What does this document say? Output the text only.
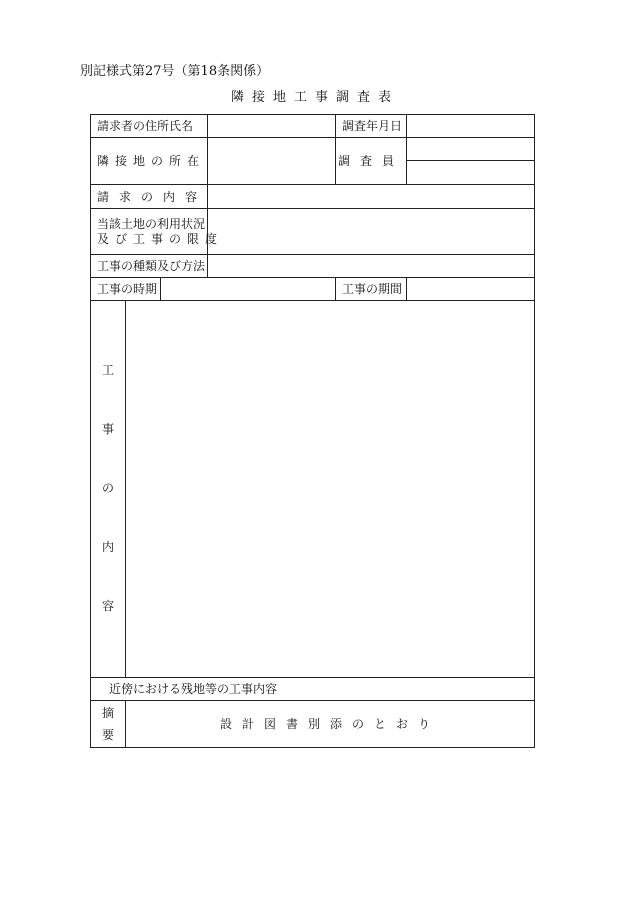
別記様式第27号（第18条関係）
隣接地工事調査表
請求者の住所氏名				調査年月日	
隣接地の所在				調査員	

請求の内容					

当該土地の利用状況
及び工事の限度					

工事の種類及び方法					
工事の時期				工事の期間	

工
事
の
内
容					

近傍における残地等の工事内容					

摘
要	設計図書別添のとおり				
